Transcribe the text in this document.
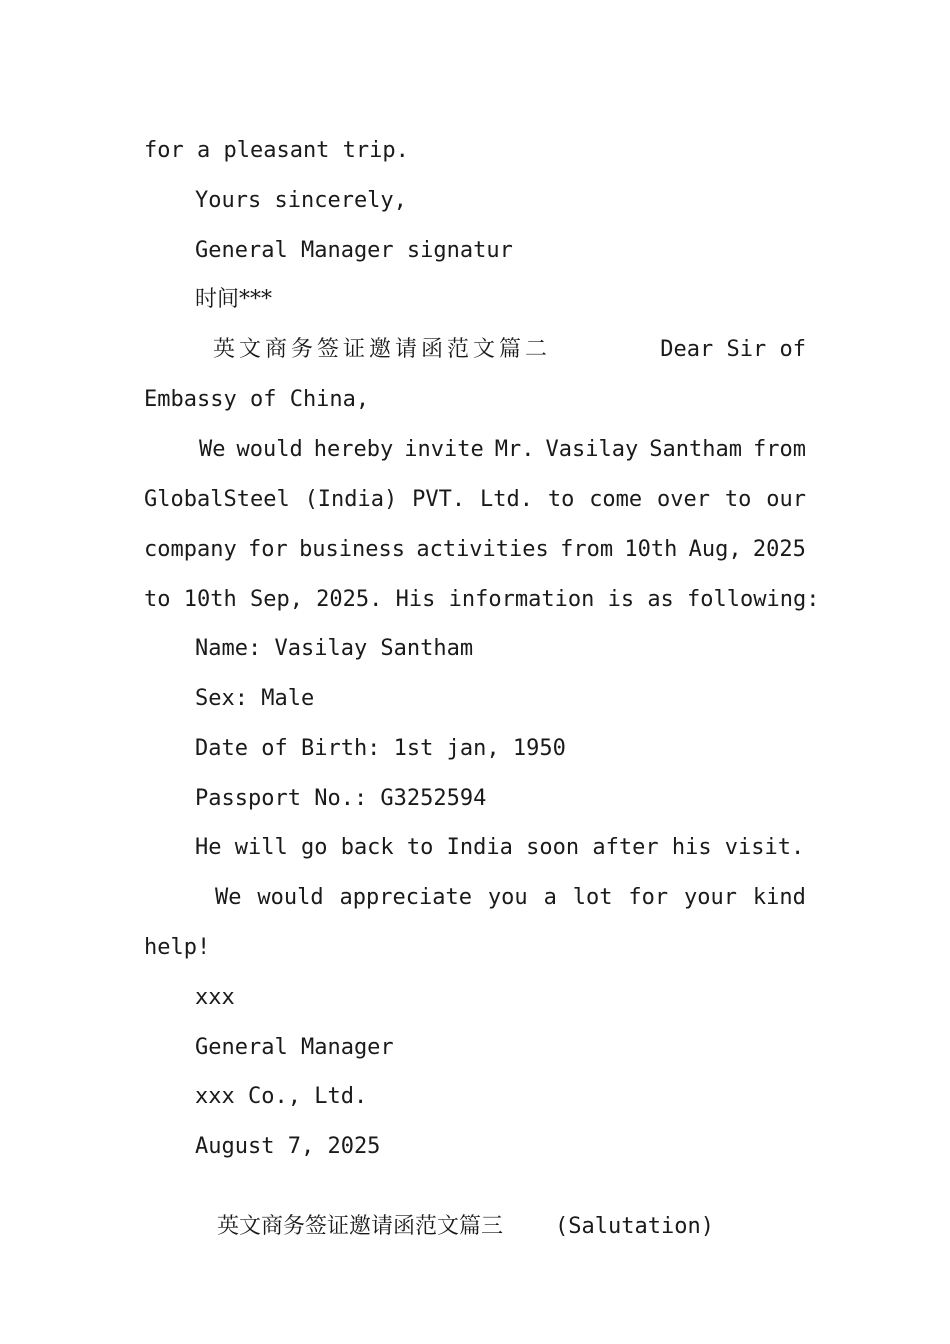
for a pleasant trip.
Yours sincerely,
General Manager signatur
时间***
英文商务签证邀请函范文篇二	Dear Sir of
Embassy of China,
We would hereby invite Mr. Vasilay Santham from
GlobalSteel (India) PVT. Ltd. to come over to our
company for business activities from 10th Aug, 2025
to 10th Sep, 2025. His information is as following:
Name: Vasilay Santham
Sex: Male
Date of Birth: 1st jan, 1950
Passport No.: G3252594
He will go back to India soon after his visit.
We would appreciate you a lot for your kind
help!
xxx
General Manager
xxx Co., Ltd.
August 7, 2025

英文商务签证邀请函范文篇三 (Salutation)
